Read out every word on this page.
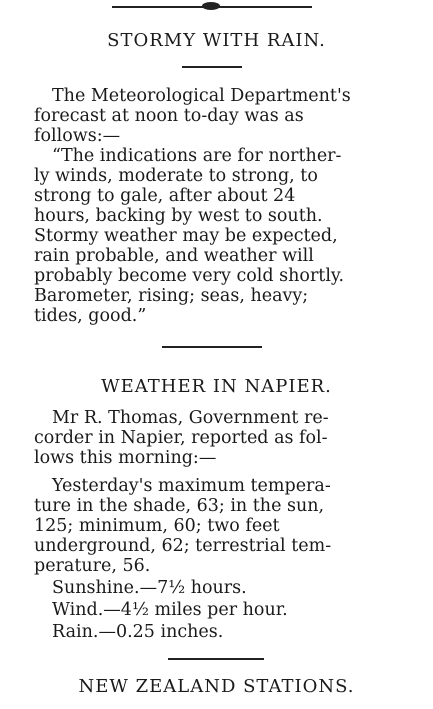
STORMY WITH RAIN.
The Meteorological Department's
forecast at noon to-day was as
follows:—
“The indications are for norther-
ly winds, moderate to strong, to
strong to gale, after about 24
hours, backing by west to south.
Stormy weather may be expected,
rain probable, and weather will
probably become very cold shortly.
Barometer, rising; seas, heavy;
tides, good.”
WEATHER IN NAPIER.
Mr R. Thomas, Government re-
corder in Napier, reported as fol-
lows this morning:—
Yesterday's maximum tempera-
ture in the shade, 63; in the sun,
125; minimum, 60; two feet
underground, 62; terrestrial tem-
perature, 56.
Sunshine.—7½ hours.
Wind.—4½ miles per hour.
Rain.—0.25 inches.
NEW ZEALAND STATIONS.
